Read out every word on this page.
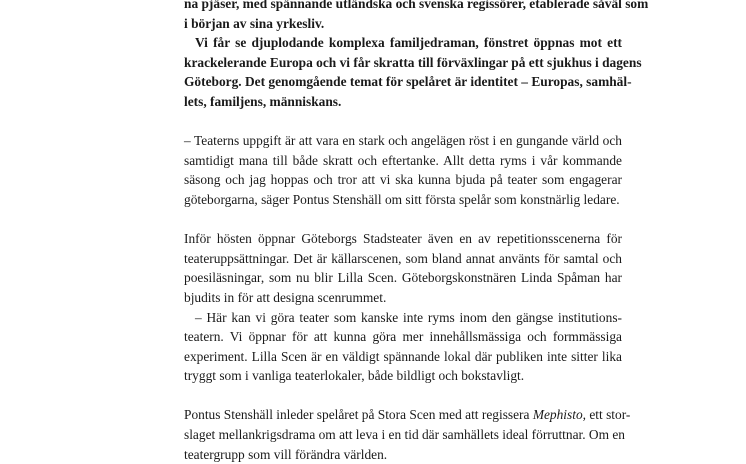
na pjäser, med spännande utländska och svenska regissörer, etablerade såväl som
i början av sina yrkesliv.
Vi får se djuplodande komplexa familjedraman, fönstret öppnas mot ett
krackelerande Europa och vi får skratta till förväxlingar på ett sjukhus i dagens
Göteborg. Det genomgående temat för spelåret är identitet – Europas, samhäl-
lets, familjens, människans.
– Teaterns uppgift är att vara en stark och angelägen röst i en gungande värld och
samtidigt mana till både skratt och eftertanke. Allt detta ryms i vår kommande
säsong och jag hoppas och tror att vi ska kunna bjuda på teater som engagerar
göteborgarna, säger Pontus Stenshäll om sitt första spelår som konstnärlig ledare.
Inför hösten öppnar Göteborgs Stadsteater även en av repetitionsscenerna för
teateruppsättningar. Det är källarscenen, som bland annat använts för samtal och
poesiläsningar, som nu blir Lilla Scen. Göteborgskonstnären Linda Spåman har
bjudits in för att designa scenrummet.
– Här kan vi göra teater som kanske inte ryms inom den gängse institutions-
teatern. Vi öppnar för att kunna göra mer innehållsmässiga och formmässiga
experiment. Lilla Scen är en väldigt spännande lokal där publiken inte sitter lika
tryggt som i vanliga teaterlokaler, både bildligt och bokstavligt.
Pontus Stenshäll inleder spelåret på Stora Scen med att regissera Mephisto, ett stor-
slaget mellankrigsdrama om att leva i en tid där samhällets ideal förruttnar. Om en
teatergrupp som vill förändra världen.
